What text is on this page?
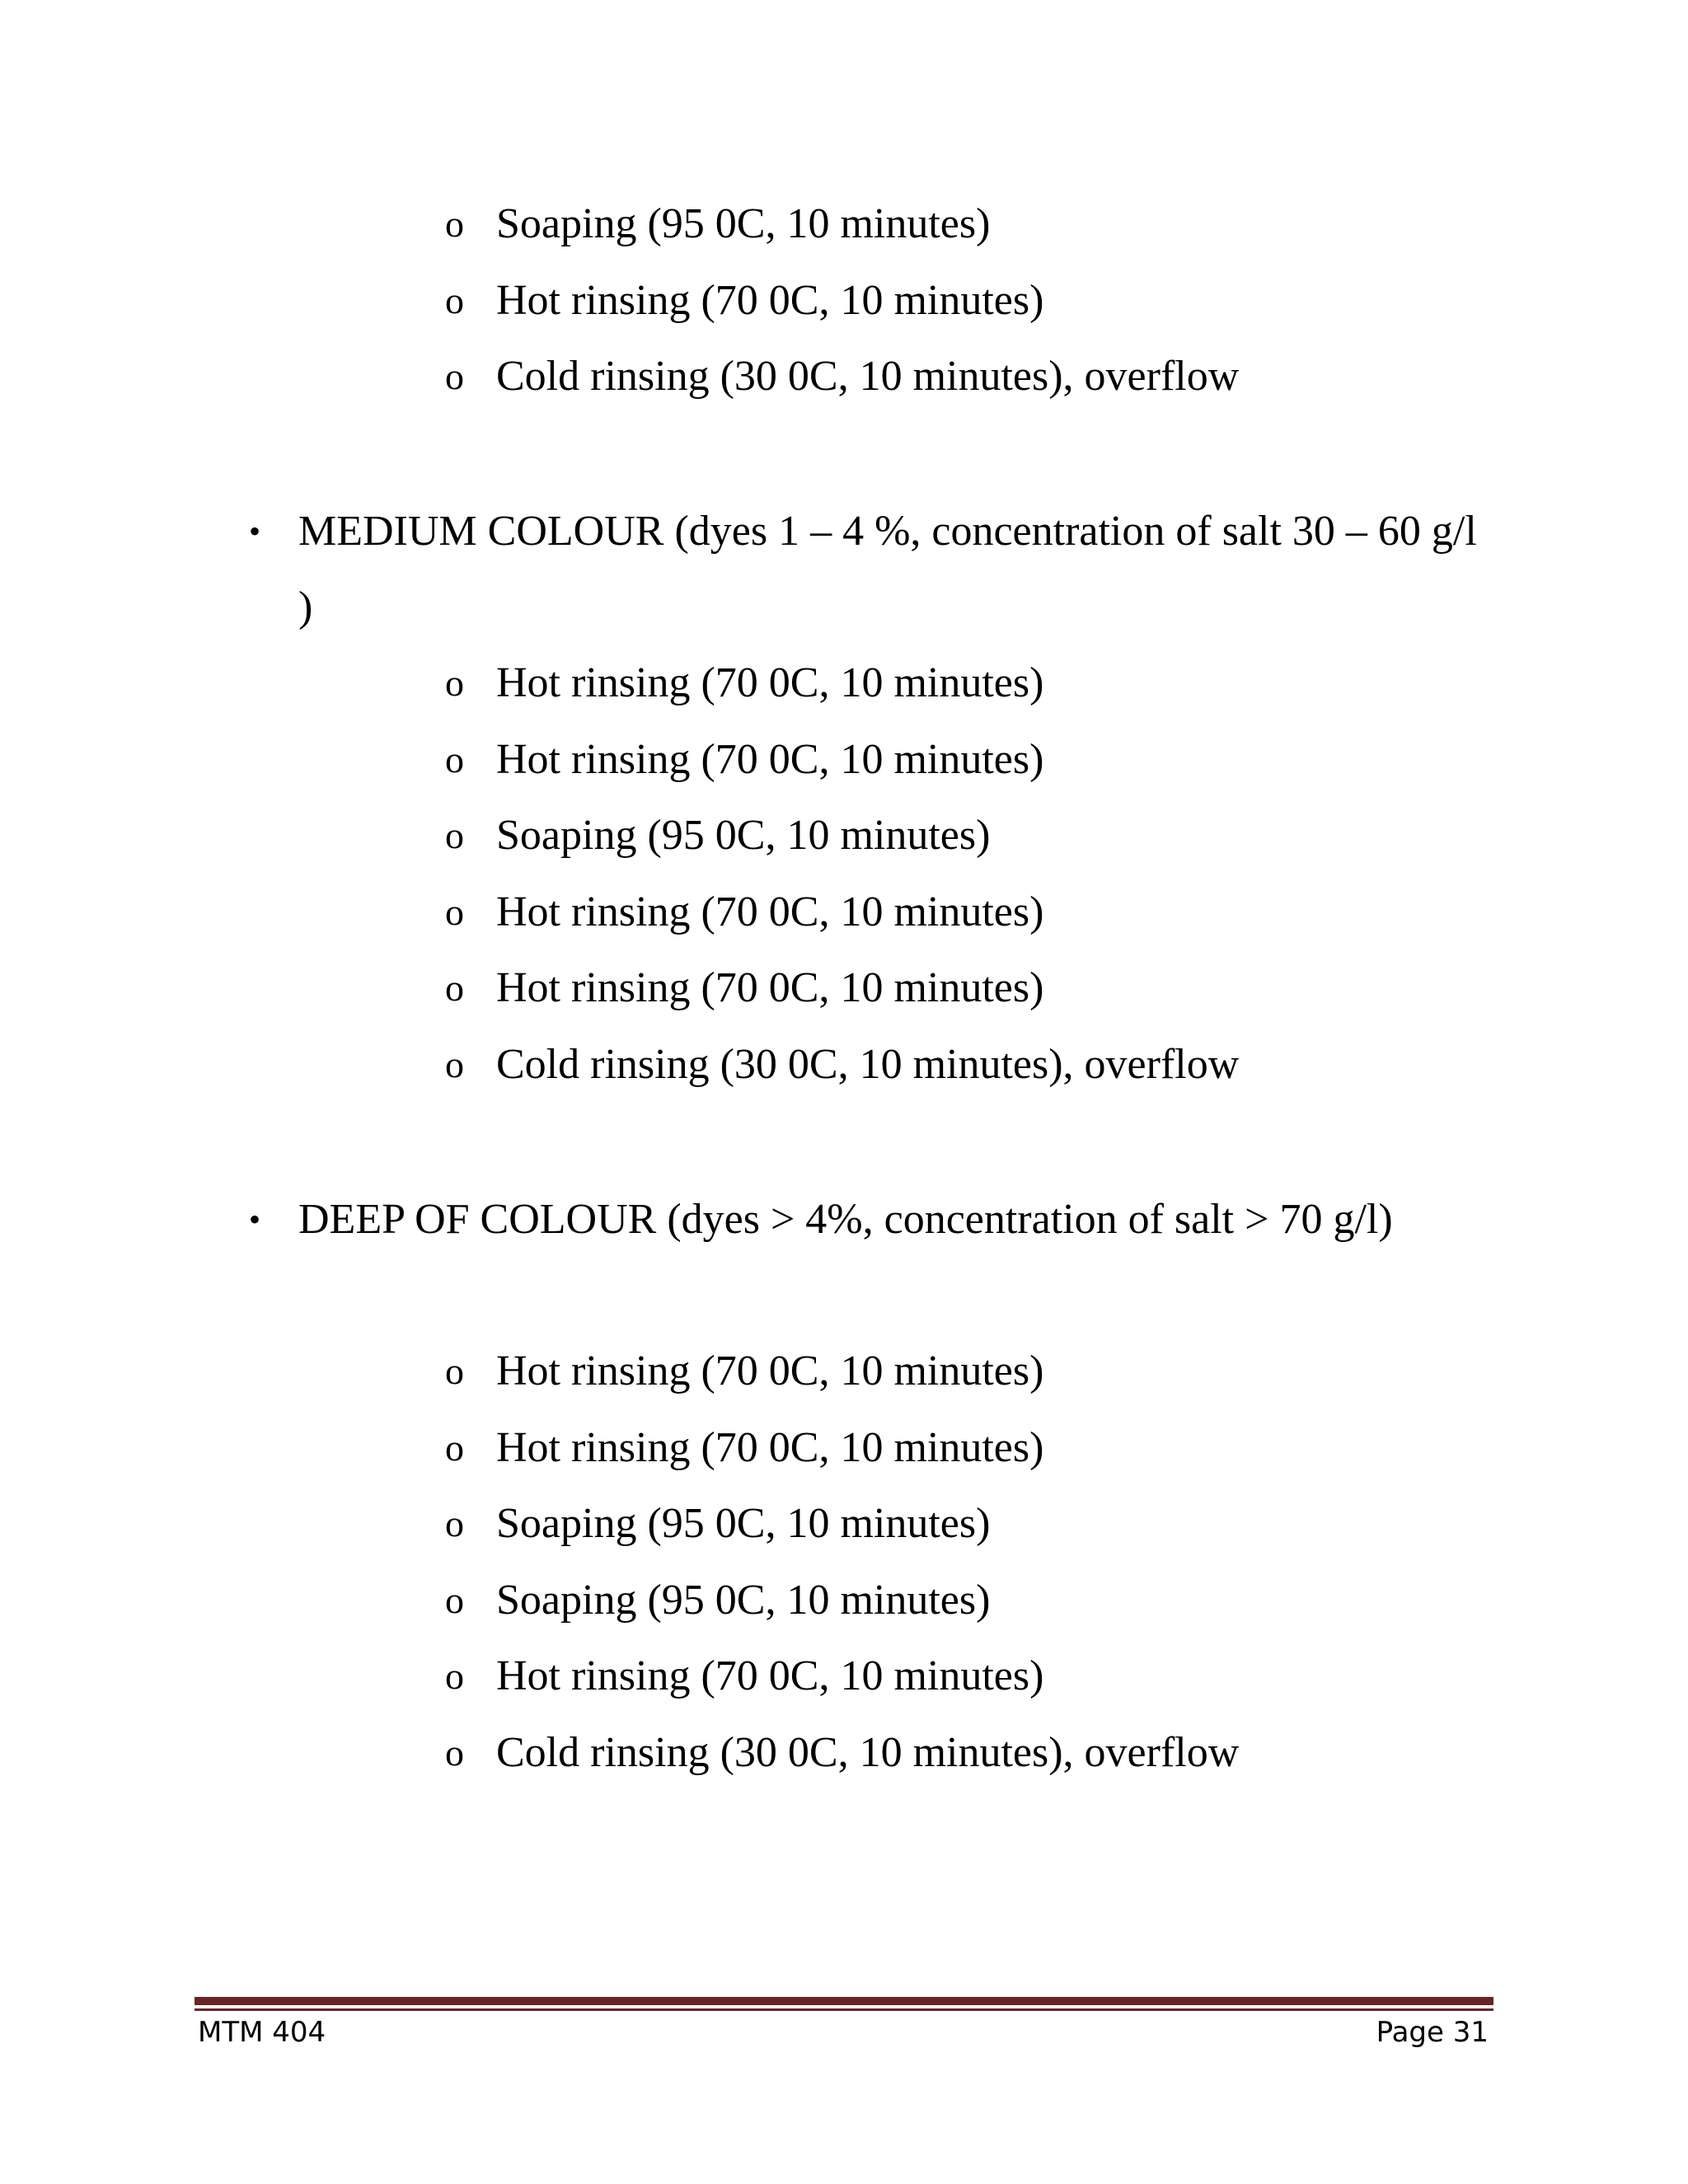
o Soaping (95 0C, 10 minutes)
o Hot rinsing (70 0C, 10 minutes)
o Cold rinsing (30 0C, 10 minutes), overflow
• MEDIUM COLOUR (dyes 1 – 4 %, concentration of salt 30 – 60 g/l )
o Hot rinsing (70 0C, 10 minutes)
o Hot rinsing (70 0C, 10 minutes)
o Soaping (95 0C, 10 minutes)
o Hot rinsing (70 0C, 10 minutes)
o Hot rinsing (70 0C, 10 minutes)
o Cold rinsing (30 0C, 10 minutes), overflow
• DEEP OF COLOUR (dyes > 4%, concentration of salt > 70 g/l)
o Hot rinsing (70 0C, 10 minutes)
o Hot rinsing (70 0C, 10 minutes)
o Soaping (95 0C, 10 minutes)
o Soaping (95 0C, 10 minutes)
o Hot rinsing (70 0C, 10 minutes)
o Cold rinsing (30 0C, 10 minutes), overflow
MTM 404	Page 31
